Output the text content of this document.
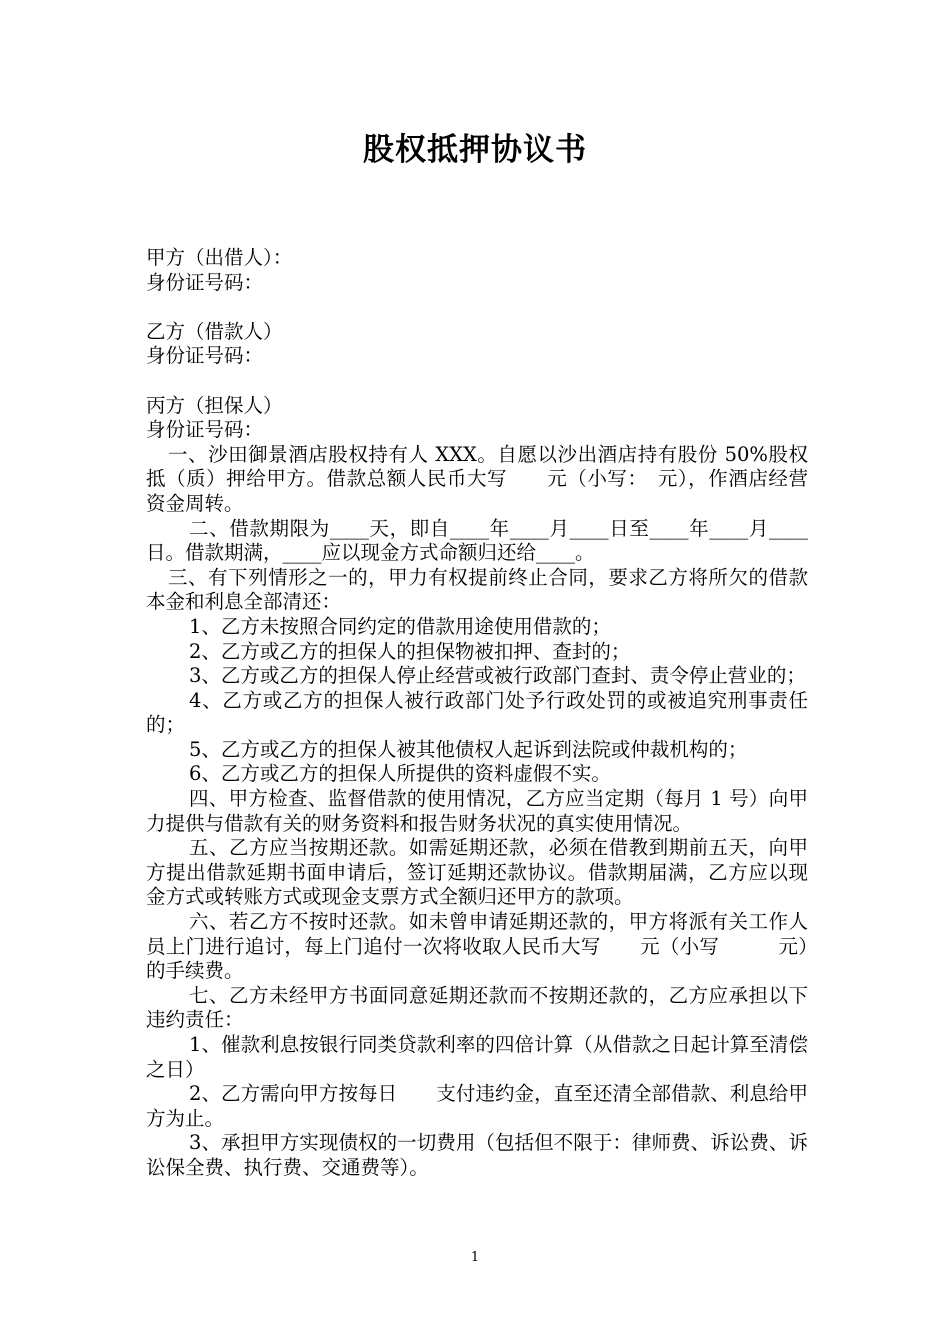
股权抵押协议书
甲方（出借人）：
身份证号码：
乙方（借款人）
身份证号码：
丙方（担保人）
身份证号码：
一、沙田御景酒店股权持有人 XXX。自愿以沙出酒店持有股份 50%股权抵（质）押给甲方。借款总额人民币大写　　元（小写：　元），作酒店经营资金周转。
二、借款期限为____天，即自____年____月____日至____年____月____日。借款期满，____应以现金方式命额归还给____。
三、有下列情形之一的，甲力有权提前终止合同，要求乙方将所欠的借款本金和利息全部清还：
1、乙方未按照合同约定的借款用途使用借款的；
2、乙方或乙方的担保人的担保物被扣押、查封的；
3、乙方或乙方的担保人停止经营或被行政部门查封、责令停止营业的；
4、乙方或乙方的担保人被行政部门处予行政处罚的或被追究刑事责任的；
5、乙方或乙方的担保人被其他债权人起诉到法院或仲裁机构的；
6、乙方或乙方的担保人所提供的资料虚假不实。
四、甲方检查、监督借款的使用情况，乙方应当定期（每月 1 号）向甲力提供与借款有关的财务资料和报告财务状况的真实使用情况。
五、乙方应当按期还款。如需延期还款，必须在借教到期前五天，向甲方提出借款延期书面申请后，签订延期还款协议。借款期届满，乙方应以现金方式或转账方式或现金支票方式全额归还甲方的款项。
六、若乙方不按时还款。如未曾申请延期还款的，甲方将派有关工作人员上门进行追讨，每上门追付一次将收取人民币大写　　元（小写　　　元）的手续费。
七、乙方未经甲方书面同意延期还款而不按期还款的，乙方应承担以下违约责任：
1、催款利息按银行同类贷款利率的四倍计算（从借款之日起计算至清偿之日）
2、乙方需向甲方按每日　　支付违约金，直至还清全部借款、利息给甲方为止。
3、承担甲方实现债权的一切费用（包括但不限于：律师费、诉讼费、诉讼保全费、执行费、交通费等）。
1
